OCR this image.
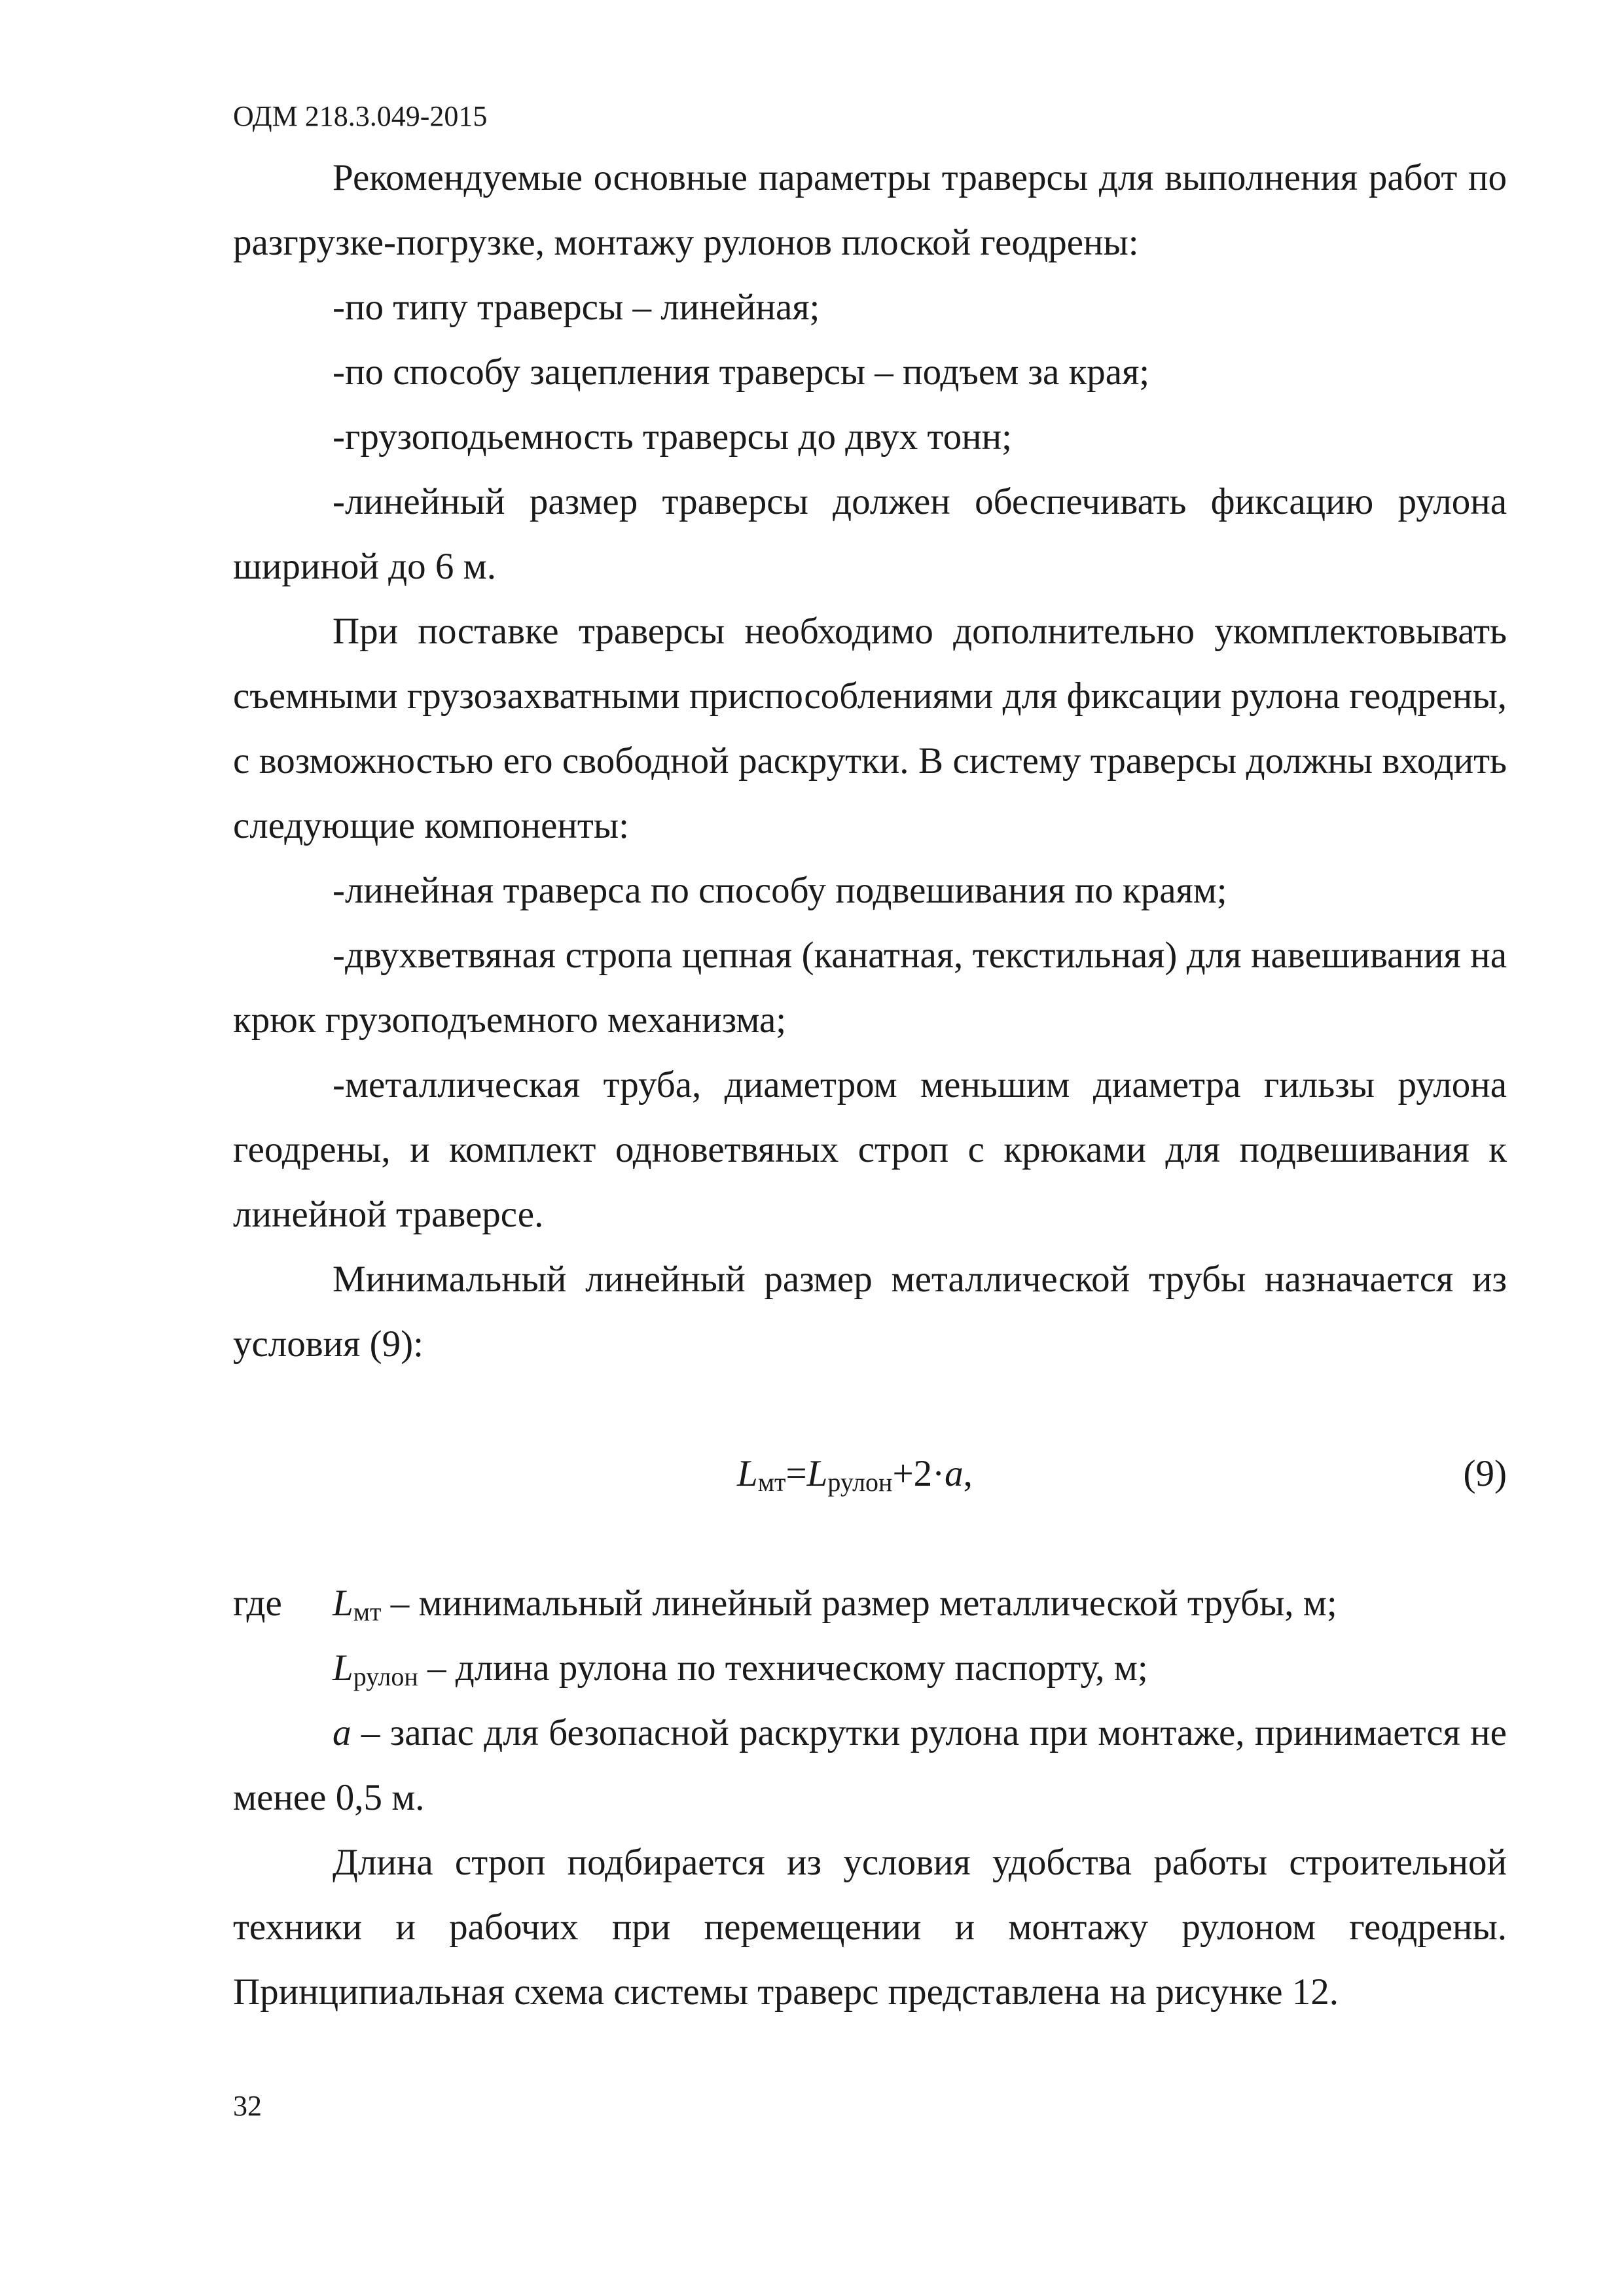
ОДМ 218.3.049-2015

Рекомендуемые основные параметры траверсы для выполнения работ по разгрузке-погрузке, монтажу рулонов плоской геодрены:

-по типу траверсы – линейная;

-по способу зацепления траверсы – подъем за края;

-грузоподьемность траверсы до двух тонн;

-линейный размер траверсы должен обеспечивать фиксацию рулона шириной до 6 м.

При поставке траверсы необходимо дополнительно укомплектовывать съемными грузозахватными приспособлениями для фиксации рулона геодрены, с возможностью его свободной раскрутки. В систему траверсы должны входить следующие компоненты:

-линейная траверса по способу подвешивания по краям;

-двухветвяная стропа цепная (канатная, текстильная) для навешивания на крюк грузоподъемного механизма;

-металлическая труба, диаметром меньшим диаметра гильзы рулона геодрены, и комплект одноветвяных строп с крюками для подвешивания к линейной траверсе.

Минимальный линейный размер металлической трубы назначается из условия (9):

$L_{мт}=L_{рулон}+2\cdot a$,	(9)
где	$L_{мт}$ – минимальный линейный размер металлической трубы, м;

$L_{рулон}$ – длина рулона по техническому паспорту, м;

a – запас для безопасной раскрутки рулона при монтаже, принимается не менее 0,5 м.

Длина строп подбирается из условия удобства работы строительной техники и рабочих при перемещении и монтажу рулоном геодрены. Принципиальная схема системы траверс представлена на рисунке 12.

32
